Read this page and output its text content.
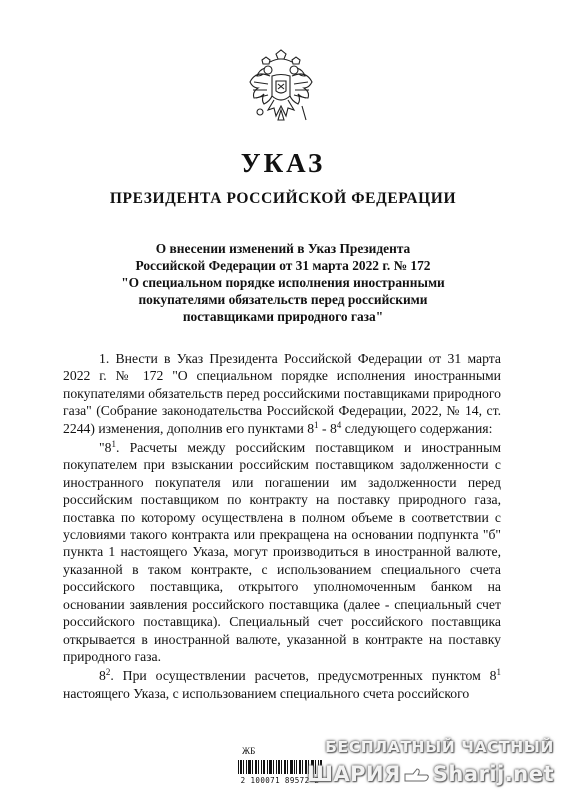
УКАЗ
ПРЕЗИДЕНТА РОССИЙСКОЙ ФЕДЕРАЦИИ
О внесении изменений в Указ Президента
Российской Федерации от 31 марта 2022 г. № 172
"О специальном порядке исполнения иностранными
покупателями обязательств перед российскими
поставщиками природного газа"

1. Внести в Указ Президента Российской Федерации от 31 марта 2022 г. № 172 "О специальном порядке исполнения иностранными покупателями обязательств перед российскими поставщиками природного газа" (Собрание законодательства Российской Федерации, 2022, № 14, ст. 2244) изменения, дополнив его пунктами $8^1 - 8^4$ следующего содержания:

"$8^1$. Расчеты между российским поставщиком и иностранным покупателем при взыскании российским поставщиком задолженности с иностранного покупателя или погашении им задолженности перед российским поставщиком по контракту на поставку природного газа, поставка по которому осуществлена в полном объеме в соответствии с условиями такого контракта или прекращена на основании подпункта "б" пункта 1 настоящего Указа, могут производиться в иностранной валюте, указанной в таком контракте, с использованием специального счета российского поставщика, открытого уполномоченным банком на основании заявления российского поставщика (далее - специальный счет российского поставщика). Специальный счет российского поставщика открывается в иностранной валюте, указанной в контракте на поставку природного газа.

$8^2$. При осуществлении расчетов, предусмотренных пунктом $8^1$ настоящего Указа, с использованием специального счета российского

ЖБ
2 100071 89572 2
БЕСПЛАТНЫЙ ЧАСТНЫЙ
ШАРИЯ Sharij.net
